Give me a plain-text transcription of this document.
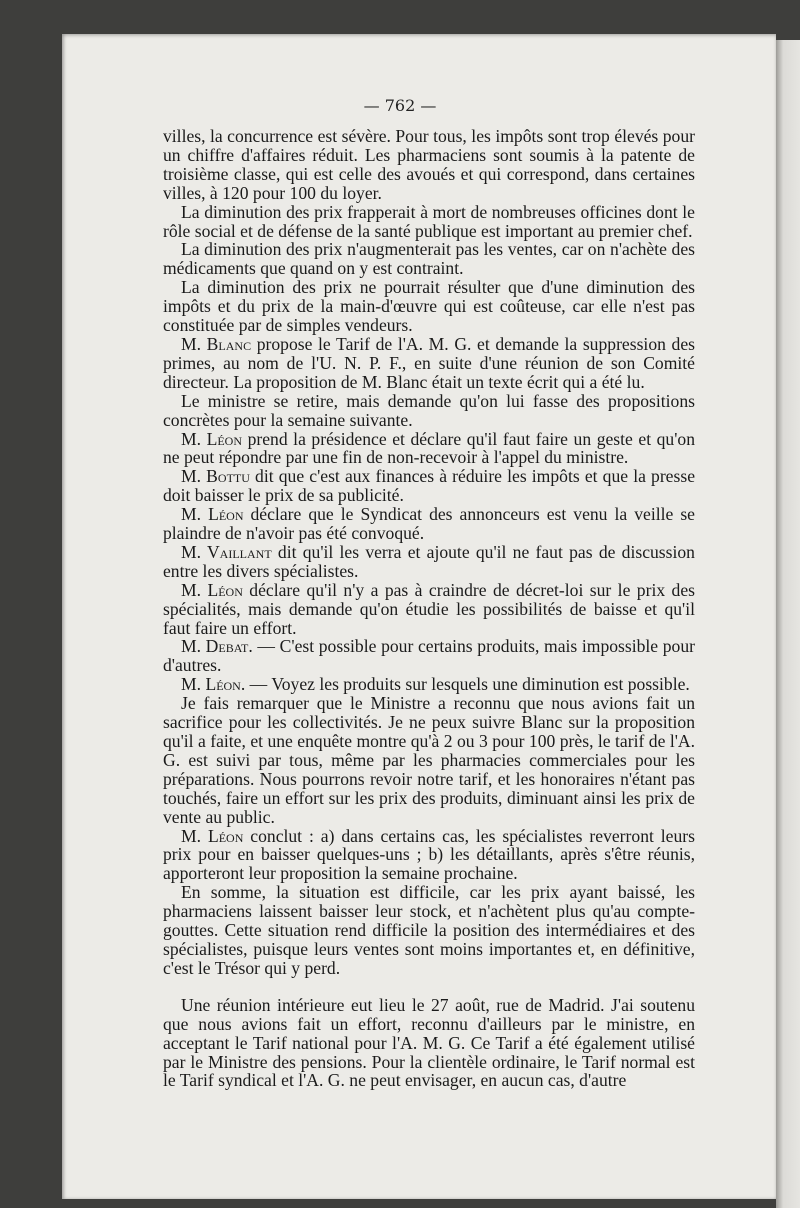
— 762 —

villes, la concurrence est sévère. Pour tous, les impôts sont trop élevés pour un chiffre d'affaires réduit. Les pharmaciens sont soumis à la patente de troisième classe, qui est celle des avoués et qui correspond, dans certaines villes, à 120 pour 100 du loyer.

La diminution des prix frapperait à mort de nombreuses officines dont le rôle social et de défense de la santé publique est important au premier chef.

La diminution des prix n'augmenterait pas les ventes, car on n'achète des médicaments que quand on y est contraint.

La diminution des prix ne pourrait résulter que d'une diminution des impôts et du prix de la main-d'œuvre qui est coûteuse, car elle n'est pas constituée par de simples vendeurs.

M. Blanc propose le Tarif de l'A. M. G. et demande la suppression des primes, au nom de l'U. N. P. F., en suite d'une réunion de son Comité directeur. La proposition de M. Blanc était un texte écrit qui a été lu.

Le ministre se retire, mais demande qu'on lui fasse des propositions concrètes pour la semaine suivante.

M. Léon prend la présidence et déclare qu'il faut faire un geste et qu'on ne peut répondre par une fin de non-recevoir à l'appel du ministre.

M. Bottu dit que c'est aux finances à réduire les impôts et que la presse doit baisser le prix de sa publicité.

M. Léon déclare que le Syndicat des annonceurs est venu la veille se plaindre de n'avoir pas été convoqué.

M. Vaillant dit qu'il les verra et ajoute qu'il ne faut pas de discussion entre les divers spécialistes.

M. Léon déclare qu'il n'y a pas à craindre de décret-loi sur le prix des spécialités, mais demande qu'on étudie les possibilités de baisse et qu'il faut faire un effort.

M. Debat. — C'est possible pour certains produits, mais impossible pour d'autres.

M. Léon. — Voyez les produits sur lesquels une diminution est possible.

Je fais remarquer que le Ministre a reconnu que nous avions fait un sacrifice pour les collectivités. Je ne peux suivre Blanc sur la proposition qu'il a faite, et une enquête montre qu'à 2 ou 3 pour 100 près, le tarif de l'A. G. est suivi par tous, même par les pharmacies commerciales pour les préparations. Nous pourrons revoir notre tarif, et les honoraires n'étant pas touchés, faire un effort sur les prix des produits, diminuant ainsi les prix de vente au public.

M. Léon conclut : a) dans certains cas, les spécialistes reverront leurs prix pour en baisser quelques-uns ; b) les détaillants, après s'être réunis, apporteront leur proposition la semaine prochaine.

En somme, la situation est difficile, car les prix ayant baissé, les pharmaciens laissent baisser leur stock, et n'achètent plus qu'au compte-gouttes. Cette situation rend difficile la position des intermédiaires et des spécialistes, puisque leurs ventes sont moins importantes et, en définitive, c'est le Trésor qui y perd.

Une réunion intérieure eut lieu le 27 août, rue de Madrid. J'ai soutenu que nous avions fait un effort, reconnu d'ailleurs par le ministre, en acceptant le Tarif national pour l'A. M. G. Ce Tarif a été également utilisé par le Ministre des pensions. Pour la clientèle ordinaire, le Tarif normal est le Tarif syndical et l'A. G. ne peut envisager, en aucun cas, d'autre
